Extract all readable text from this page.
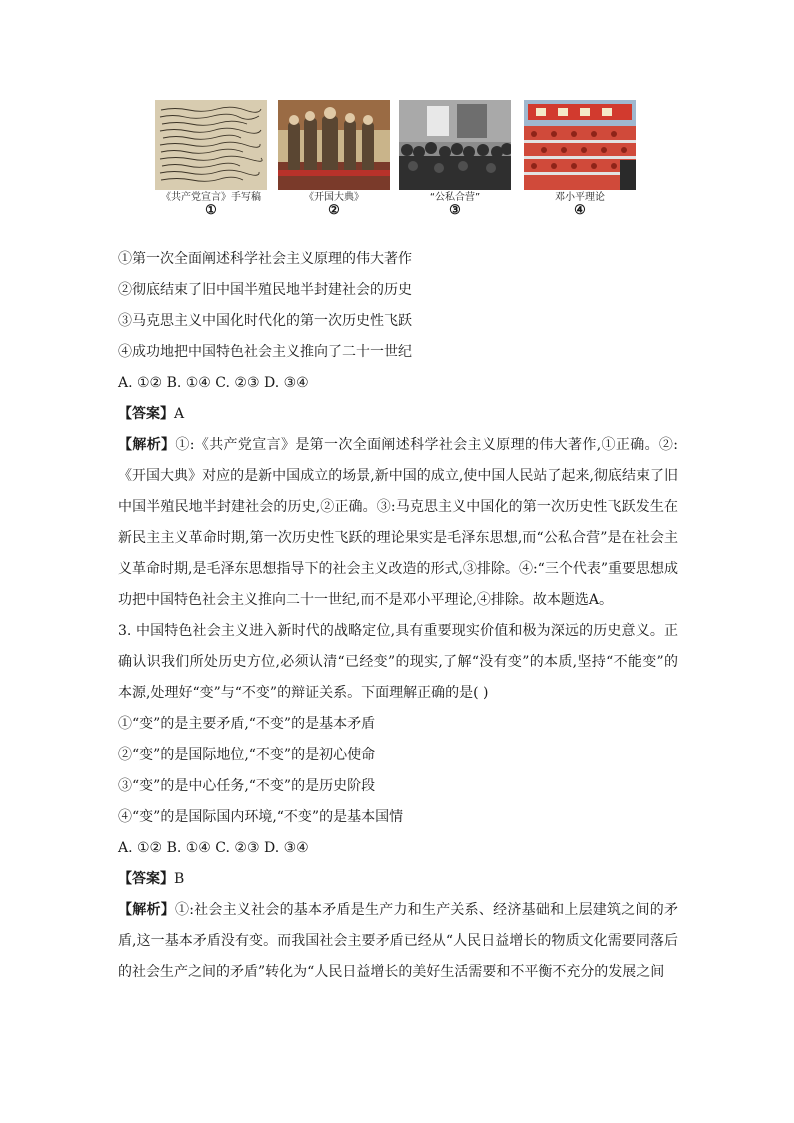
《共产党宣言》手写稿
①
《开国大典》
②
“公私合营”
③
邓小平理论
④
①第一次全面阐述科学社会主义原理的伟大著作
②彻底结束了旧中国半殖民地半封建社会的历史
③马克思主义中国化时代化的第一次历史性飞跃
④成功地把中国特色社会主义推向了二十一世纪
A. ①② B. ①④ C. ②③ D. ③④
【答案】A

【解析】①:《共产党宣言》是第一次全面阐述科学社会主义原理的伟大著作,①正确。②:《开国大典》对应的是新中国成立的场景,新中国的成立,使中国人民站了起来,彻底结束了旧中国半殖民地半封建社会的历史,②正确。③:马克思主义中国化的第一次历史性飞跃发生在新民主主义革命时期,第一次历史性飞跃的理论果实是毛泽东思想,而“公私合营”是在社会主义革命时期,是毛泽东思想指导下的社会主义改造的形式,③排除。④:“三个代表”重要思想成功把中国特色社会主义推向二十一世纪,而不是邓小平理论,④排除。故本题选A。

3. 中国特色社会主义进入新时代的战略定位,具有重要现实价值和极为深远的历史意义。正确认识我们所处历史方位,必须认清“已经变”的现实,了解“没有变”的本质,坚持“不能变”的本源,处理好“变”与“不变”的辩证关系。下面理解正确的是( )

①“变”的是主要矛盾,“不变”的是基本矛盾
②“变”的是国际地位,“不变”的是初心使命
③“变”的是中心任务,“不变”的是历史阶段
④“变”的是国际国内环境,“不变”的是基本国情
A. ①② B. ①④ C. ②③ D. ③④
【答案】B

【解析】①:社会主义社会的基本矛盾是生产力和生产关系、经济基础和上层建筑之间的矛盾,这一基本矛盾没有变。而我国社会主要矛盾已经从“人民日益增长的物质文化需要同落后的社会生产之间的矛盾”转化为“人民日益增长的美好生活需要和不平衡不充分的发展之间
